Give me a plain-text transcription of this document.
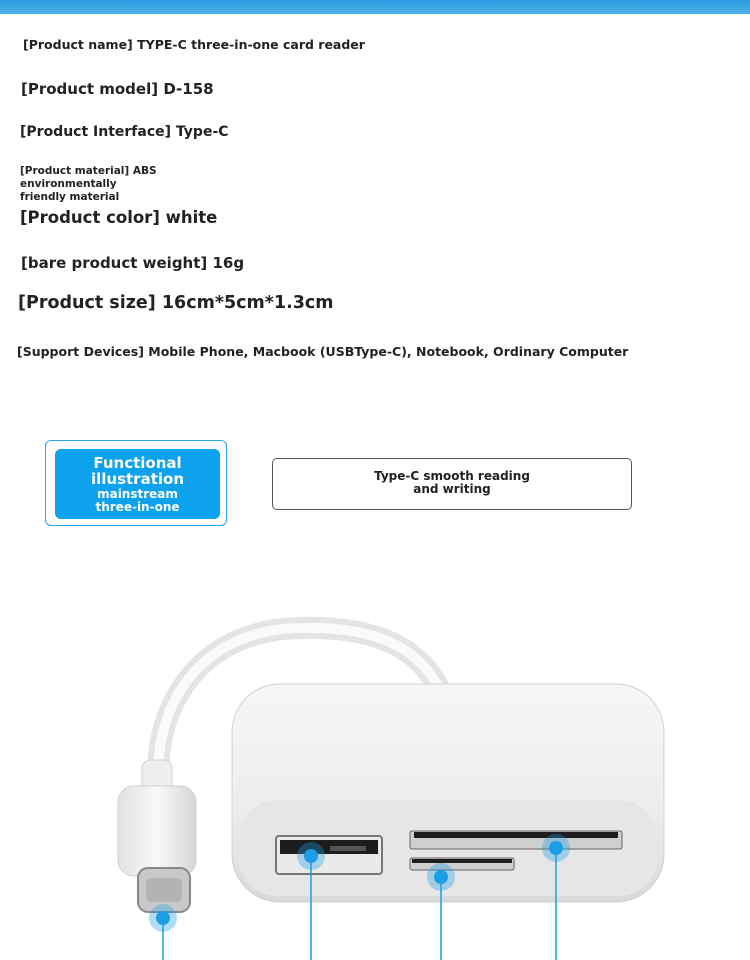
[Product name] TYPE-C three-in-one card reader
[Product model] D-158
[Product Interface] Type-C
[Product material] ABS environmentally
friendly material
[Product color] white
[bare product weight] 16g
[Product size] 16cm*5cm*1.3cm
[Support Devices] Mobile Phone, Macbook (USBType-C), Notebook, Ordinary Computer
Functional
illustration
mainstream
three-in-one
Type-C smooth reading
and writing
